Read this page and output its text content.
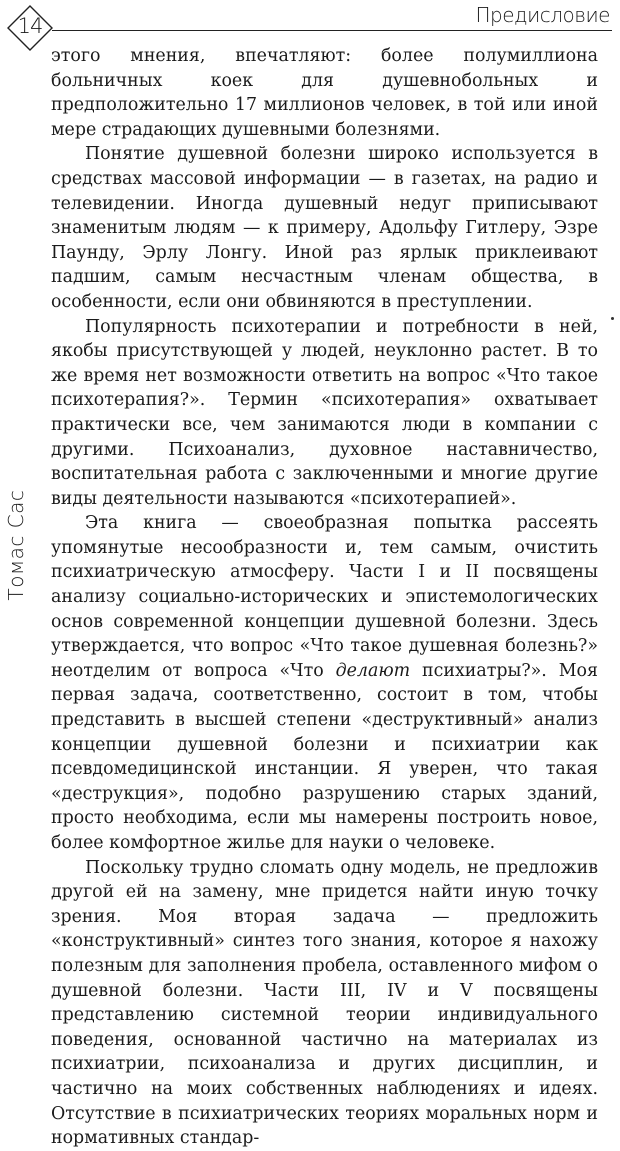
14	Предисловие
Томас Сас

этого мнения, впечатляют: более полумиллиона больничных коек для душевнобольных и предположительно 17 миллионов человек, в той или иной мере страдающих душевными болезнями.

Понятие душевной болезни широко используется в средствах массовой информации — в газетах, на радио и телевидении. Иногда душевный недуг приписывают знаменитым людям — к примеру, Адольфу Гитлеру, Эзре Паунду, Эрлу Лонгу. Иной раз ярлык приклеивают падшим, самым несчастным членам общества, в особенности, если они обвиняются в преступлении.

Популярность психотерапии и потребности в ней, якобы присутствующей у людей, неуклонно растет. В то же время нет возможности ответить на вопрос «Что такое психотерапия?». Термин «психотерапия» охватывает практически все, чем занимаются люди в компании с другими. Психоанализ, духовное наставничество, воспитательная работа с заключенными и многие другие виды деятельности называются «психотерапией».

Эта книга — своеобразная попытка рассеять упомянутые несообразности и, тем самым, очистить психиатрическую атмосферу. Части I и II посвящены анализу социально-исторических и эпистемологических основ современной концепции душевной болезни. Здесь утверждается, что вопрос «Что такое душевная болезнь?» неотделим от вопроса «Что делают психиатры?». Моя первая задача, соответственно, состоит в том, чтобы представить в высшей степени «деструктивный» анализ концепции душевной болезни и психиатрии как псевдомедицинской инстанции. Я уверен, что такая «деструкция», подобно разрушению старых зданий, просто необходима, если мы намерены построить новое, более комфортное жилье для науки о человеке.

Поскольку трудно сломать одну модель, не предложив другой ей на замену, мне придется найти иную точку зрения. Моя вторая задача — предложить «конструктивный» синтез того знания, которое я нахожу полезным для заполнения пробела, оставленного мифом о душевной болезни. Части III, IV и V посвящены представлению системной теории индивидуального поведения, основанной частично на материалах из психиатрии, психоанализа и других дисциплин, и частично на моих собственных наблюдениях и идеях. Отсутствие в психиатрических теориях моральных норм и нормативных стандар-
